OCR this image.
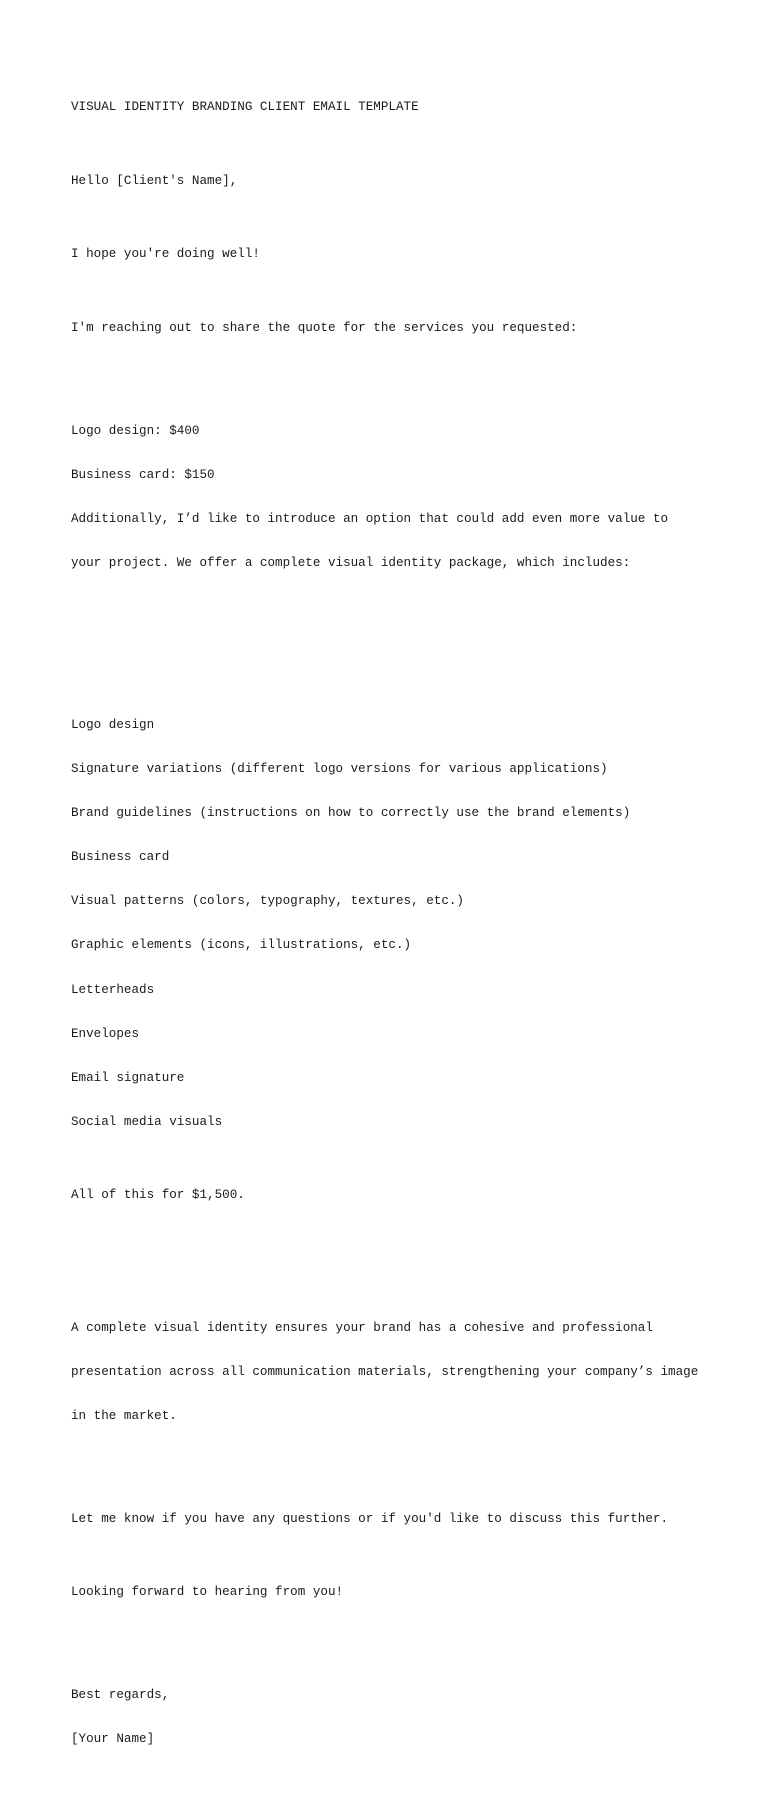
VISUAL IDENTITY BRANDING CLIENT EMAIL TEMPLATE

Hello [Client's Name],

I hope you're doing well!

I'm reaching out to share the quote for the services you requested:

Logo design: $400

Business card: $150

Additionally, I’d like to introduce an option that could add even more value to

your project. We offer a complete visual identity package, which includes:

Logo design

Signature variations (different logo versions for various applications)

Brand guidelines (instructions on how to correctly use the brand elements)

Business card

Visual patterns (colors, typography, textures, etc.)

Graphic elements (icons, illustrations, etc.)

Letterheads

Envelopes

Email signature

Social media visuals

All of this for $1,500.

A complete visual identity ensures your brand has a cohesive and professional

presentation across all communication materials, strengthening your company’s image

in the market.

Let me know if you have any questions or if you'd like to discuss this further.

Looking forward to hearing from you!

Best regards,

[Your Name]
